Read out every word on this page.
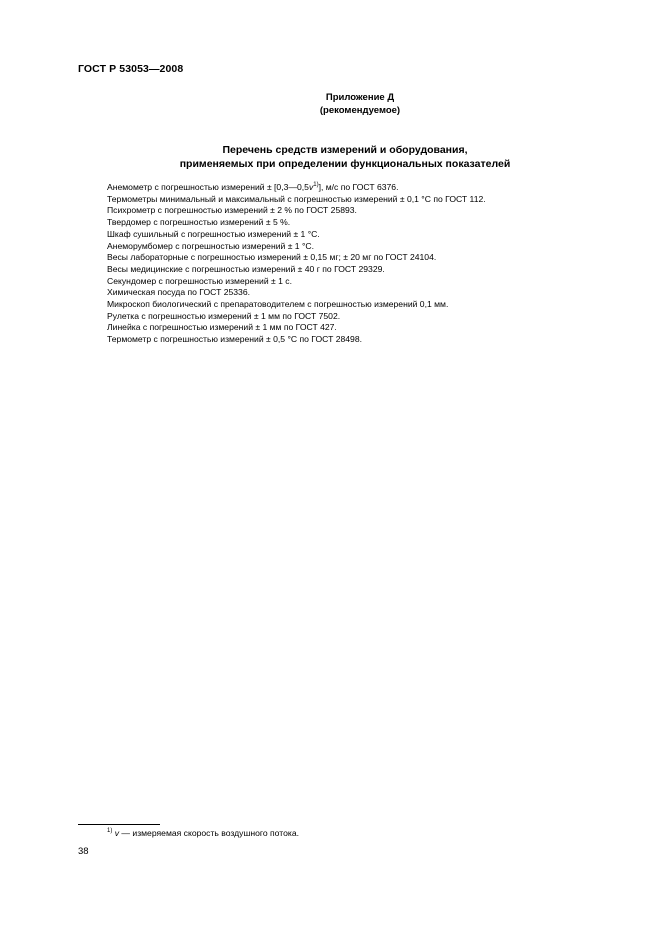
ГОСТ Р 53053—2008
Приложение Д
(рекомендуемое)
Перечень средств измерений и оборудования,
применяемых при определении функциональных показателей
Анемометр с погрешностью измерений ± $[0,3—0,5v^{1)}]$, м/с по ГОСТ 6376.
Термометры минимальный и максимальный с погрешностью измерений ± 0,1 °С по ГОСТ 112.
Психрометр с погрешностью измерений ± 2 % по ГОСТ 25893.
Твердомер с погрешностью измерений ± 5 %.
Шкаф сушильный с погрешностью измерений ± 1 °С.
Анеморумбомер с погрешностью измерений ± 1 °С.
Весы лабораторные с погрешностью измерений ± 0,15 мг; ± 20 мг по ГОСТ 24104.
Весы медицинские с погрешностью измерений ± 40 г по ГОСТ 29329.
Секундомер с погрешностью измерений ± 1 с.
Химическая посуда по ГОСТ 25336.
Микроскоп биологический с препаратоводителем с погрешностью измерений 0,1 мм.
Рулетка с погрешностью измерений ± 1 мм по ГОСТ 7502.
Линейка с погрешностью измерений ± 1 мм по ГОСТ 427.
Термометр с погрешностью измерений ± 0,5 °С по ГОСТ 28498.
$^{1)}$ v — измеряемая скорость воздушного потока.
38
